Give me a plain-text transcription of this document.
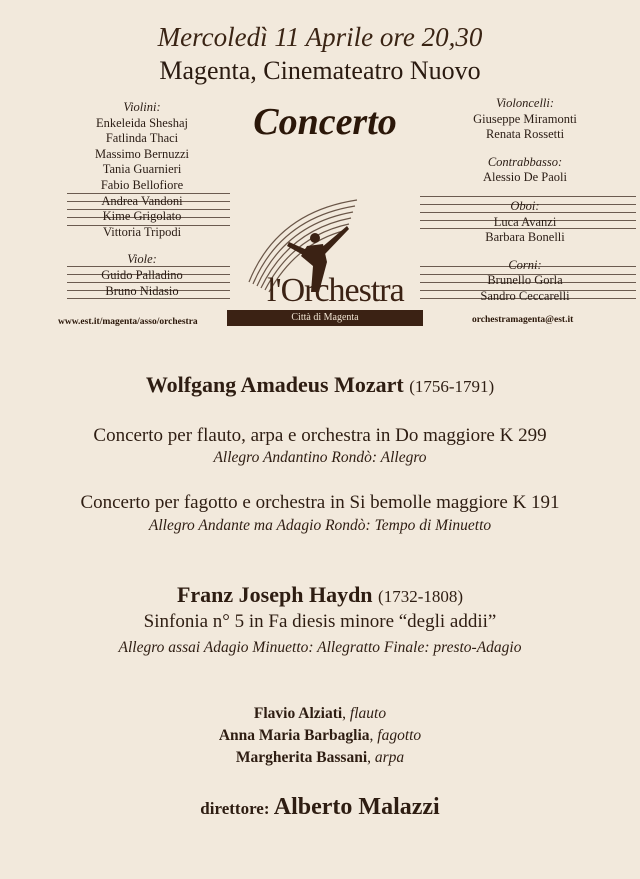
Mercoledì 11 Aprile ore 20,30
Magenta, Cinemateatro Nuovo
Violini:
Enkeleida Sheshaj
Fatlinda Thaci
Massimo Bernuzzi
Tania Guarnieri
Fabio Bellofiore
Andrea Vandoni
Kime Grigolato
Vittoria Tripodi
Viole:
Guido Palladino
Bruno Nidasio
www.est.it/magenta/asso/orchestra
Violoncelli:
Giuseppe Miramonti
Renata Rossetti
Contrabbasso:
Alessio De Paoli
Oboi:
Luca Avanzi
Barbara Bonelli
Corni:
Brunello Gorla
Sandro Ceccarelli
orchestramagenta@est.it
Concerto
l'Orchestra
Città di Magenta
Wolfgang Amadeus Mozart (1756-1791)
Concerto per flauto, arpa e orchestra in Do maggiore K 299
Allegro Andantino Rondò: Allegro
Concerto per fagotto e orchestra in Si bemolle maggiore K 191
Allegro Andante ma Adagio Rondò: Tempo di Minuetto
Franz Joseph Haydn (1732-1808)
Sinfonia n° 5 in Fa diesis minore “degli addii”
Allegro assai Adagio Minuetto: Allegratto Finale: presto-Adagio
Flavio Alziati, flauto
Anna Maria Barbaglia, fagotto
Margherita Bassani, arpa
direttore: Alberto Malazzi
